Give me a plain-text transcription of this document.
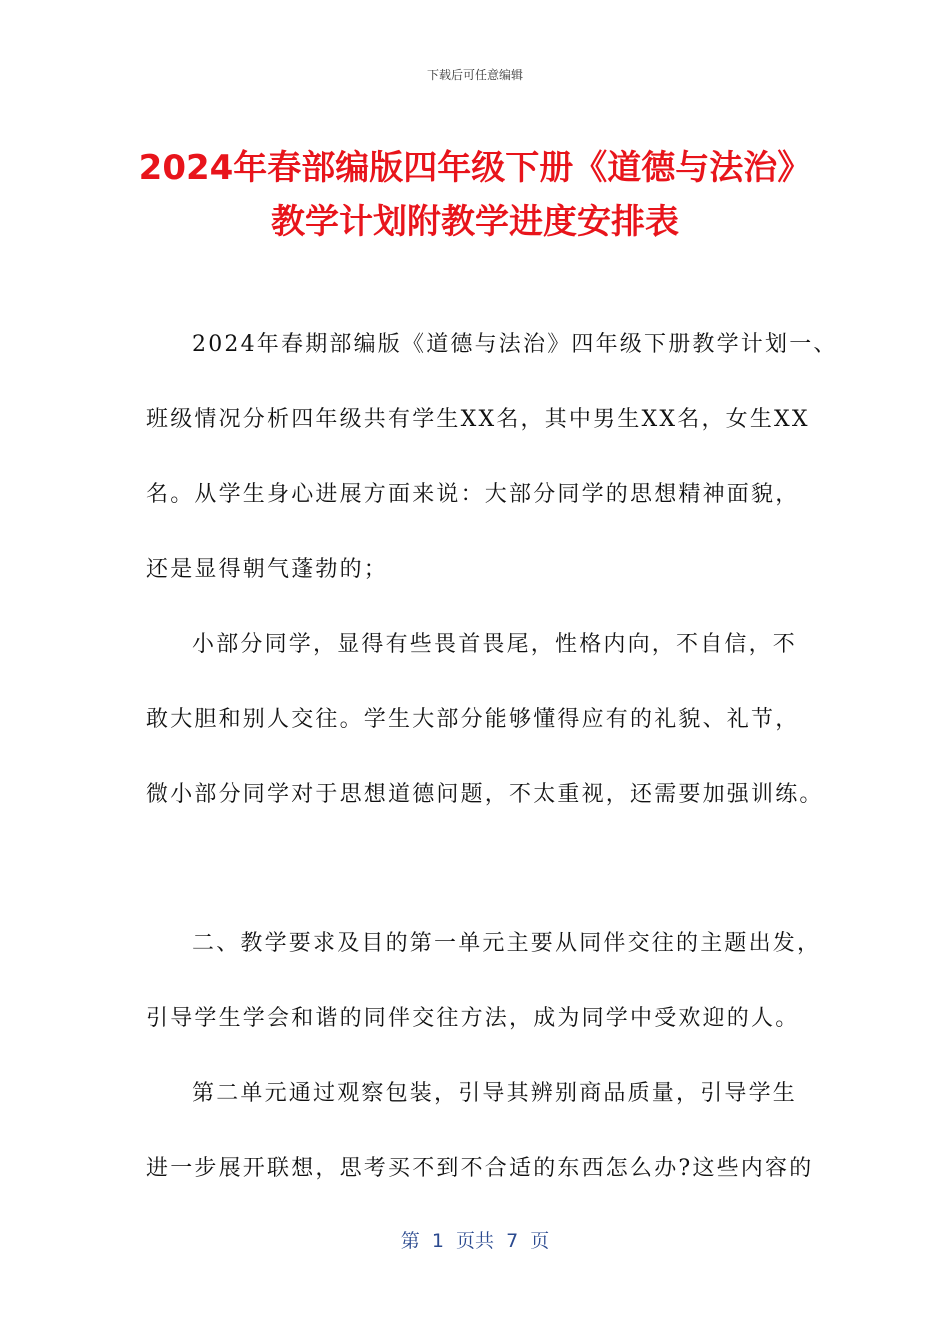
下载后可任意编辑
2024年春部编版四年级下册《道德与法治》
教学计划附教学进度安排表
2024年春期部编版《道德与法治》四年级下册教学计划一、
班级情况分析四年级共有学生XX名，其中男生XX名，女生XX
名。从学生身心进展方面来说：大部分同学的思想精神面貌，
还是显得朝气蓬勃的；
小部分同学，显得有些畏首畏尾，性格内向，不自信，不
敢大胆和别人交往。学生大部分能够懂得应有的礼貌、礼节，
微小部分同学对于思想道德问题，不太重视，还需要加强训练。
二、教学要求及目的第一单元主要从同伴交往的主题出发，
引导学生学会和谐的同伴交往方法，成为同学中受欢迎的人。
第二单元通过观察包装，引导其辨别商品质量，引导学生
进一步展开联想，思考买不到不合适的东西怎么办?这些内容的
第  1  页共  7  页
